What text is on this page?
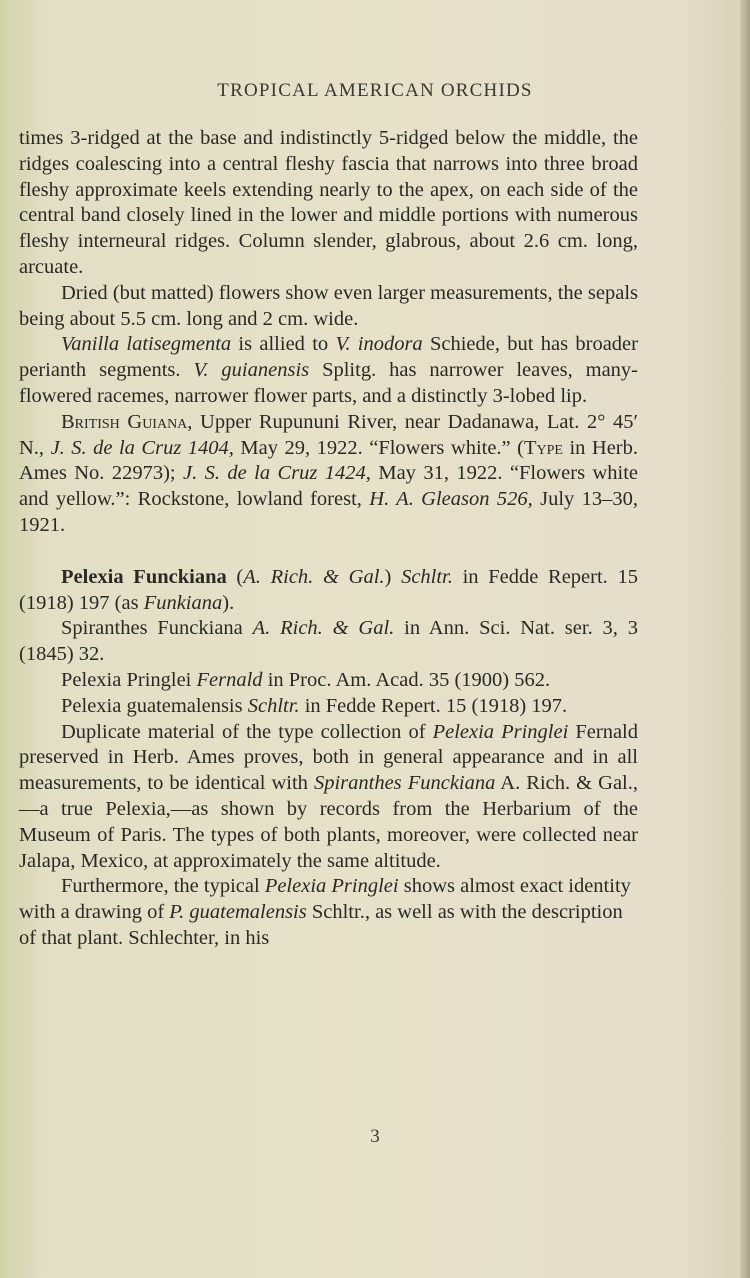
TROPICAL AMERICAN ORCHIDS

times 3-ridged at the base and indistinctly 5-ridged below the middle, the ridges coalescing into a central fleshy fascia that narrows into three broad fleshy approximate keels extending nearly to the apex, on each side of the central band closely lined in the lower and middle portions with numerous fleshy interneural ridges. Column slender, glabrous, about 2.6 cm. long, arcuate.

Dried (but matted) flowers show even larger measurements, the sepals being about 5.5 cm. long and 2 cm. wide.

Vanilla latisegmenta is allied to V. inodora Schiede, but has broader perianth segments. V. guianensis Splitg. has narrower leaves, many-flowered racemes, narrower flower parts, and a distinctly 3-lobed lip.

British Guiana, Upper Rupununi River, near Dadanawa, Lat. 2° 45′ N., J. S. de la Cruz 1404, May 29, 1922. “Flowers white.” (Type in Herb. Ames No. 22973); J. S. de la Cruz 1424, May 31, 1922. “Flowers white and yellow.”: Rockstone, lowland forest, H. A. Gleason 526, July 13–30, 1921.

Pelexia Funckiana (A. Rich. & Gal.) Schltr. in Fedde Repert. 15 (1918) 197 (as Funkiana).

Spiranthes Funckiana A. Rich. & Gal. in Ann. Sci. Nat. ser. 3, 3 (1845) 32.

Pelexia Pringlei Fernald in Proc. Am. Acad. 35 (1900) 562.

Pelexia guatemalensis Schltr. in Fedde Repert. 15 (1918) 197.

Duplicate material of the type collection of Pelexia Pringlei Fernald preserved in Herb. Ames proves, both in general appearance and in all measurements, to be identical with Spiranthes Funckiana A. Rich. & Gal.,—a true Pelexia,—as shown by records from the Herbarium of the Museum of Paris. The types of both plants, moreover, were collected near Jalapa, Mexico, at approximately the same altitude.

Furthermore, the typical Pelexia Pringlei shows almost exact identity with a drawing of P. guatemalensis Schltr., as well as with the description of that plant. Schlechter, in his

3
